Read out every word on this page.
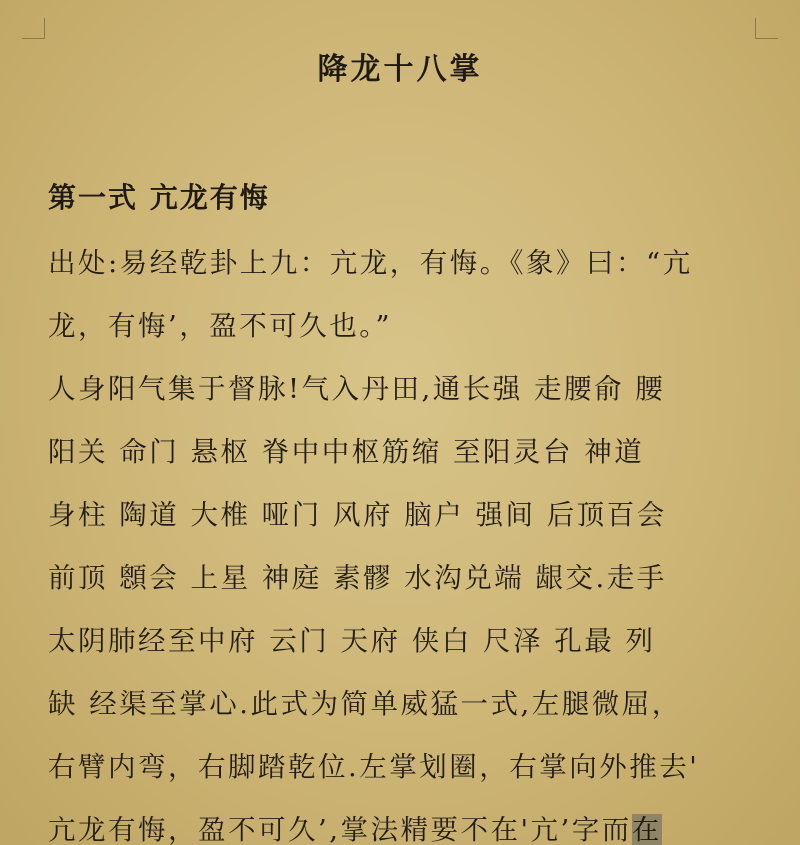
降龙十八掌
第一式 亢龙有悔
出处:易经乾卦上九：亢龙，有悔。《象》曰：“亢
龙，有悔’，盈不可久也。”
人身阳气集于督脉!气入丹田,通长强 走腰俞 腰
阳关 命门 悬枢 脊中中枢筋缩 至阳灵台 神道
身柱 陶道 大椎 哑门 风府 脑户 强间 后顶百会
前顶 顖会 上星 神庭 素髎 水沟兑端 龈交.走手
太阴肺经至中府 云门 天府 侠白 尺泽 孔最 列
缺 经渠至掌心.此式为简单威猛一式,左腿微屈，
右臂内弯，右脚踏乾位.左掌划圈，右掌向外推去'
亢龙有悔，盈不可久’,掌法精要不在'亢’字而在
